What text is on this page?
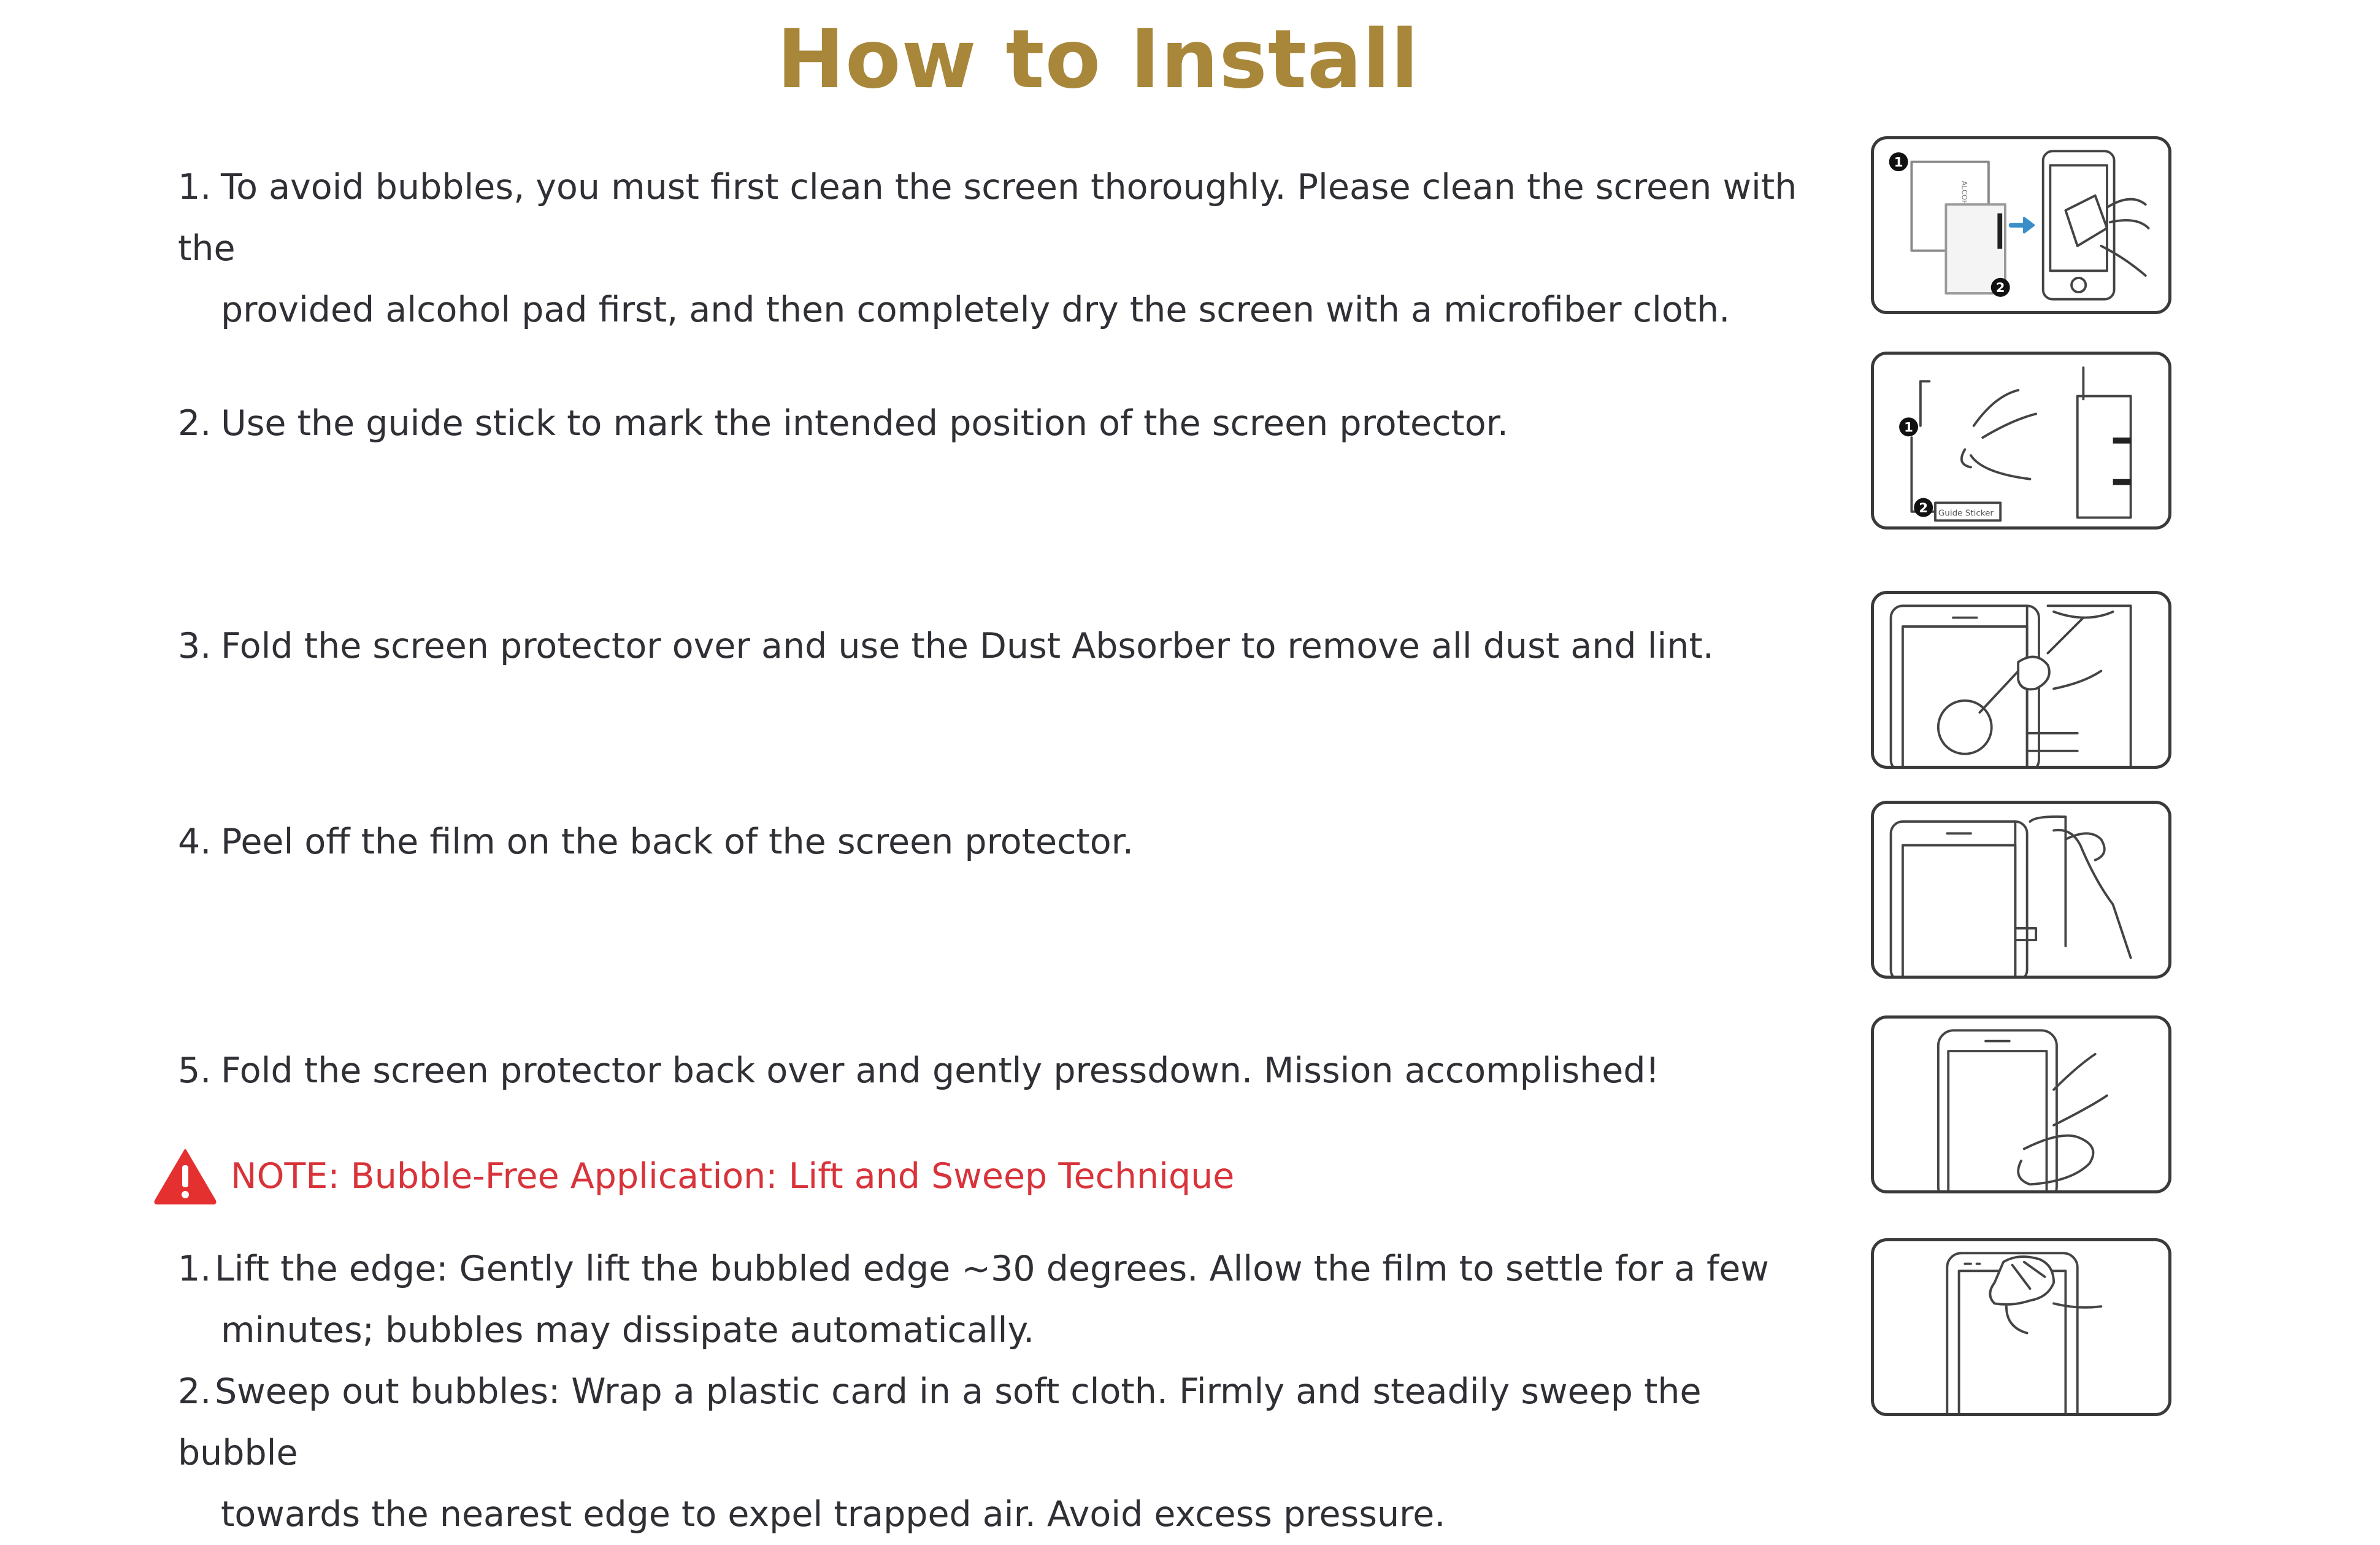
How to Install
1. To avoid bubbles, you must first clean the screen thoroughly. Please clean the screen with the
provided alcohol pad first, and then completely dry the screen with a microfiber cloth.
2. Use the guide stick to mark the intended position of the screen protector.
3. Fold the screen protector over and use the Dust Absorber to remove all dust and lint.
4. Peel off the film on the back of the screen protector.
5. Fold the screen protector back over and gently pressdown. Mission accomplished!
NOTE: Bubble-Free Application: Lift and Sweep Technique
1.Lift the edge: Gently lift the bubbled edge ~30 degrees. Allow the film to settle for a few
minutes; bubbles may dissipate automatically.
2.Sweep out bubbles: Wrap a plastic card in a soft cloth. Firmly and steadily sweep the bubble
towards the nearest edge to expel trapped air. Avoid excess pressure.
1
2
1
Guide Sticker
2
